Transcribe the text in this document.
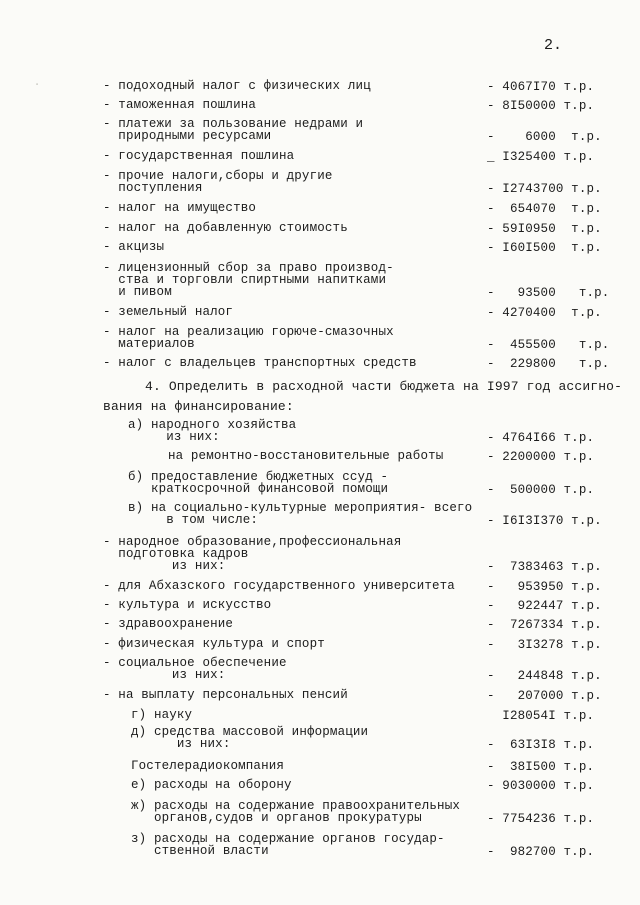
·
2.
- подоходный налог с физических лиц	- 4067I70 т.р.
- таможенная пошлина	- 8I50000 т.р.
- платежи за пользование недрами и
природными ресурсами	-    6000  т.р.
- государственная пошлина	_ I325400 т.р.
- прочие налоги,сборы и другие
поступления	- I2743700 т.р.
- налог на имущество	-  654070  т.р.
- налог на добавленную стоимость	- 59I0950  т.р.
- акцизы	- I60I500  т.р.
- лицензионный сбор за право производ-
ства и торговли спиртными напитками
и пивом	-   93500   т.р.
- земельный налог	- 4270400  т.р.
- налог на реализацию горюче-смазочных
материалов	-  455500   т.р.
- налог с владельцев транспортных средств	-  229800   т.р.
4. Определить в расходной части бюджета на I997 год ассигно-
вания на финансирование:
а) народного хозяйства
из них:	- 4764I66 т.р.
на ремонтно-восстановительные работы	- 2200000 т.р.
б) предоставление бюджетных ссуд -
краткосрочной финансовой помощи	-  500000 т.р.
в) на социально-культурные мероприятия- всего
в том числе:	- I6I3I370 т.р.
- народное образование,профессиональная
подготовка кадров
из них:	-  7383463 т.р.
- для Абхазского государственного университета	-   953950 т.р.
- культура и искусство	-   922447 т.р.
- здравоохранение	-  7267334 т.р.
- физическая культура и спорт	-   3I3278 т.р.
- социальное обеспечение
из них:	-   244848 т.р.
- на выплату персональных пенсий	-   207000 т.р.
г) науку	I28054I т.р.
д) средства массовой информации
из них:	-  63I3I8 т.р.
Гостелерадиокомпания	-  38I500 т.р.
е) расходы на оборону	- 9030000 т.р.
ж) расходы на содержание правоохранительных
органов,судов и органов прокуратуры	- 7754236 т.р.
з) расходы на содержание органов государ-
ственной власти	-  982700 т.р.
